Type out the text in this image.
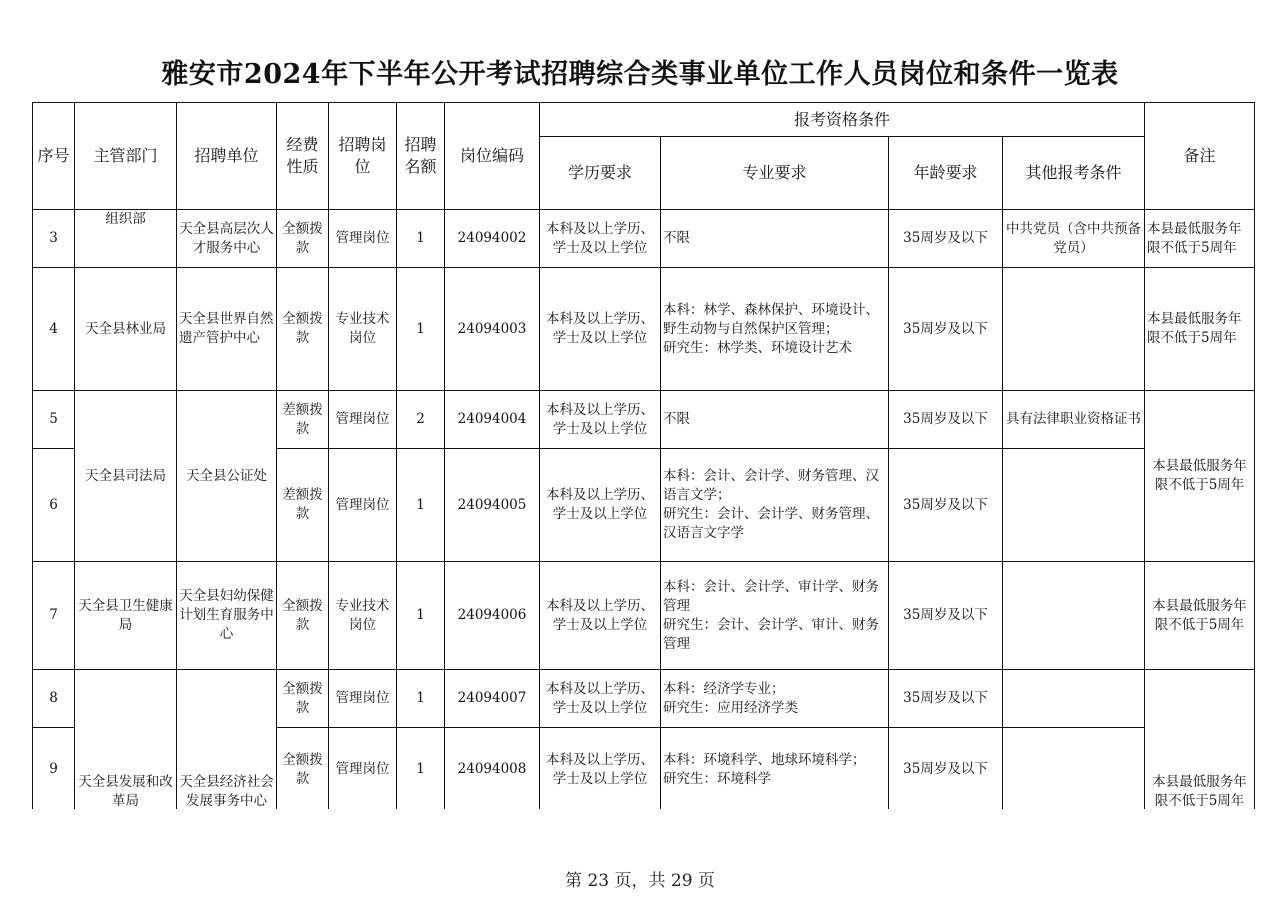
雅安市2024年下半年公开考试招聘综合类事业单位工作人员岗位和条件一览表
序号	主管部门	招聘单位	经费性质	招聘岗位	招聘名额	岗位编码	报考资格条件				备注
							学历要求	专业要求	年龄要求	其他报考条件	
3	组织部	天全县高层次人才服务中心	全额拨款	管理岗位	1	24094002	本科及以上学历、学士及以上学位	不限	35周岁及以下	中共党员（含中共预备党员）	本县最低服务年限不低于5周年
4	天全县林业局	天全县世界自然遗产管护中心	全额拨款	专业技术岗位	1	24094003	本科及以上学历、学士及以上学位	本科：林学、森林保护、环境设计、野生动物与自然保护区管理；
研究生：林学类、环境设计艺术	35周岁及以下		本县最低服务年限不低于5周年
5	天全县司法局	天全县公证处	差额拨款	管理岗位	2	24094004	本科及以上学历、学士及以上学位	不限	35周岁及以下	具有法律职业资格证书	本县最低服务年限不低于5周年
6			差额拨款	管理岗位	1	24094005	本科及以上学历、学士及以上学位	本科：会计、会计学、财务管理、汉语言文学；
研究生：会计、会计学、财务管理、汉语言文字学	35周岁及以下		
7	天全县卫生健康局	天全县妇幼保健计划生育服务中心	全额拨款	专业技术岗位	1	24094006	本科及以上学历、学士及以上学位	本科：会计、会计学、审计学、财务管理
研究生：会计、会计学、审计、财务管理	35周岁及以下		本县最低服务年限不低于5周年
8	天全县发展和改革局	天全县经济社会发展事务中心	全额拨款	管理岗位	1	24094007	本科及以上学历、学士及以上学位	本科：经济学专业；
研究生：应用经济学类	35周岁及以下		本县最低服务年限不低于5周年
9			全额拨款	管理岗位	1	24094008	本科及以上学历、学士及以上学位	本科：环境科学、地球环境科学；
研究生：环境科学	35周岁及以下		
第 23 页，共 29 页
